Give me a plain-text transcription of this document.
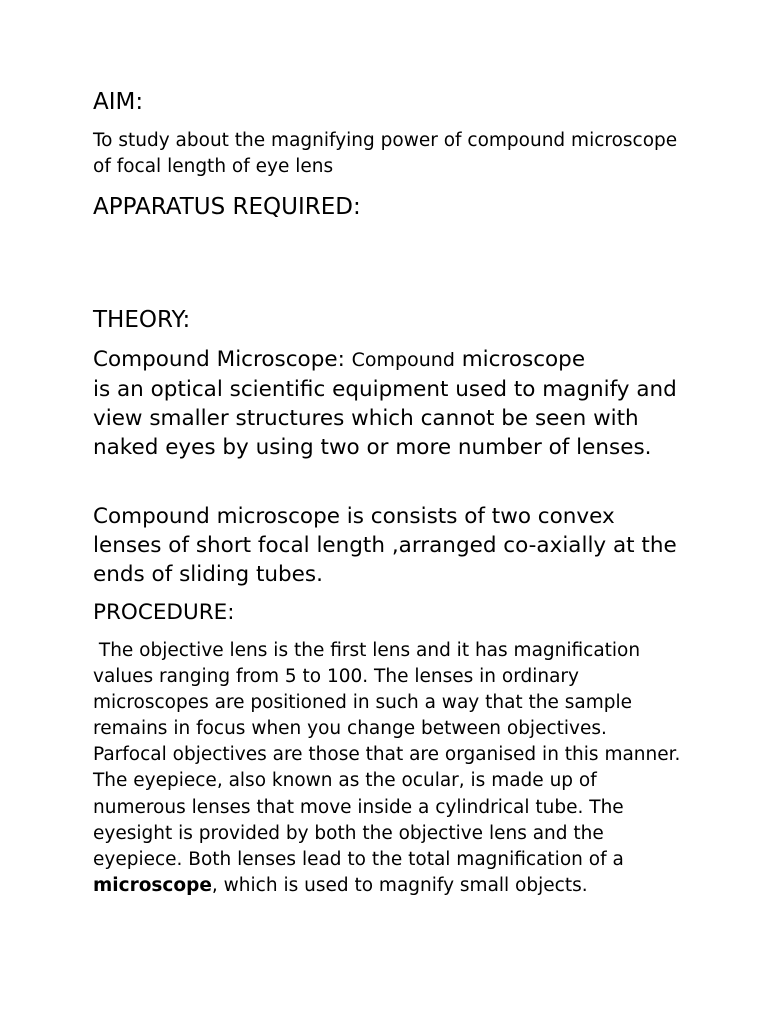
AIM:
To study about the magnifying power of compound microscope of focal length of eye lens
APPARATUS REQUIRED:
THEORY:
Compound Microscope: Compound microscope
is an optical scientific equipment used to magnify and view smaller structures which cannot be seen with naked eyes by using two or more number of lenses.
Compound microscope is consists of two convex lenses of short focal length ,arranged co-axially at the ends of sliding tubes.
PROCEDURE:
The objective lens is the first lens and it has magnification values ranging from 5 to 100. The lenses in ordinary microscopes are positioned in such a way that the sample remains in focus when you change between objectives. Parfocal objectives are those that are organised in this manner. The eyepiece, also known as the ocular, is made up of numerous lenses that move inside a cylindrical tube. The eyesight is provided by both the objective lens and the eyepiece. Both lenses lead to the total magnification of a microscope, which is used to magnify small objects.
